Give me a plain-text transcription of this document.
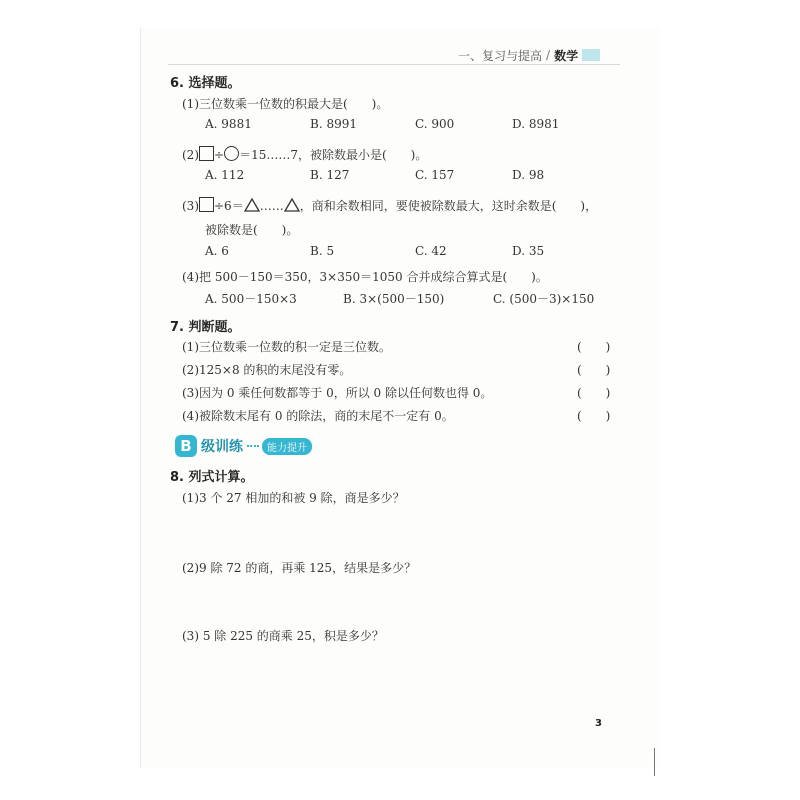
一、复习与提高 / 数学
6. 选择题。
(1)三位数乘一位数的积最大是(　　)。
A. 9881	B. 8991	C. 900	D. 8981
(2) ÷ ＝15……7，被除数最小是(　　)。
A. 112	B. 127	C. 157	D. 98
(3) ÷6＝ …… ，商和余数相同，要使被除数最大，这时余数是(　　)，
被除数是(　　)。
A. 6	B. 5	C. 42	D. 35
(4)把 500－150＝350，3×350＝1050 合并成综合算式是(　　)。
A. 500－150×3	B. 3×(500－150)	C. (500－3)×150
7. 判断题。
(1)三位数乘一位数的积一定是三位数。	(　　)
(2)125×8 的积的末尾没有零。	(　　)
(3)因为 0 乘任何数都等于 0，所以 0 除以任何数也得 0。	(　　)
(4)被除数末尾有 0 的除法，商的末尾不一定有 0。	(　　)
B 级训练	能力提升
8. 列式计算。
(1)3 个 27 相加的和被 9 除，商是多少？
(2)9 除 72 的商，再乘 125，结果是多少？
(3) 5 除 225 的商乘 25，积是多少？
3
